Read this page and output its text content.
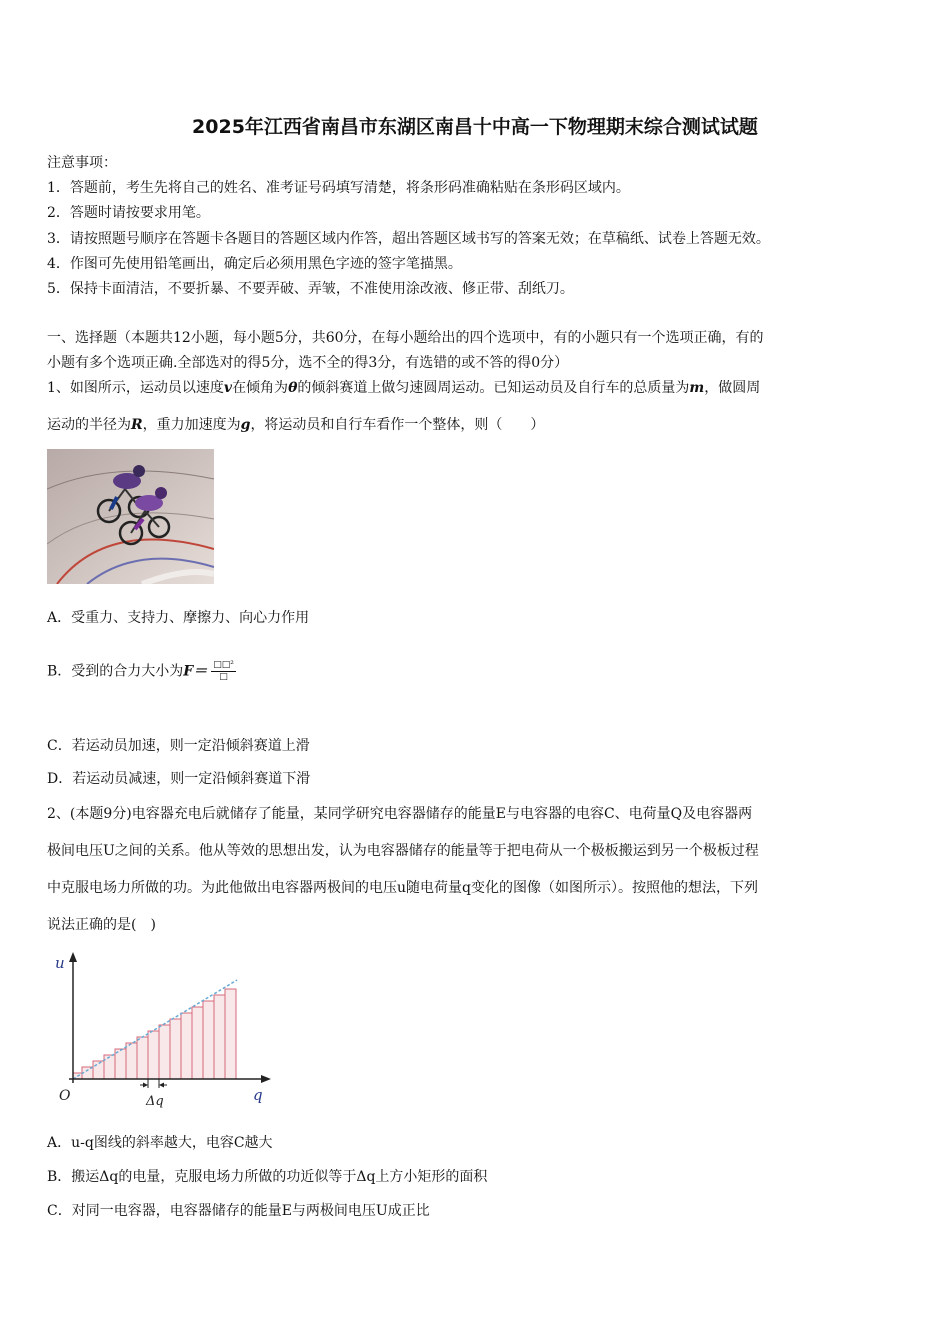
2025年江西省南昌市东湖区南昌十中高一下物理期末综合测试试题
注意事项：
1．答题前，考生先将自己的姓名、准考证号码填写清楚，将条形码准确粘贴在条形码区域内。
2．答题时请按要求用笔。
3．请按照题号顺序在答题卡各题目的答题区域内作答，超出答题区域书写的答案无效；在草稿纸、试卷上答题无效。
4．作图可先使用铅笔画出，确定后必须用黑色字迹的签字笔描黑。
5．保持卡面清洁，不要折暴、不要弄破、弄皱，不准使用涂改液、修正带、刮纸刀。
一、选择题（本题共12小题，每小题5分，共60分，在每小题给出的四个选项中，有的小题只有一个选项正确，有的
小题有多个选项正确.全部选对的得5分，选不全的得3分，有选错的或不答的得0分）
1、如图所示，运动员以速度v在倾角为θ的倾斜赛道上做匀速圆周运动。已知运动员及自行车的总质量为m，做圆周
运动的半径为R，重力加速度为g，将运动员和自行车看作一个整体，则（　　）
A．受重力、支持力、摩擦力、向心力作用
B．受到的合力大小为$F= \frac{\text{□□²}}{□}$
C．若运动员加速，则一定沿倾斜赛道上滑
D．若运动员减速，则一定沿倾斜赛道下滑
2、(本题9分)电容器充电后就储存了能量，某同学研究电容器储存的能量E与电容器的电容C、电荷量Q及电容器两
极间电压U之间的关系。他从等效的思想出发，认为电容器储存的能量等于把电荷从一个极板搬运到另一个极板过程
中克服电场力所做的功。为此他做出电容器两极间的电压u随电荷量q变化的图像（如图所示）。按照他的想法，下列
说法正确的是(　)
u
q
O	Δq
A．u-q图线的斜率越大，电容C越大
B．搬运Δq的电量，克服电场力所做的功近似等于Δq上方小矩形的面积
C．对同一电容器，电容器储存的能量E与两极间电压U成正比
